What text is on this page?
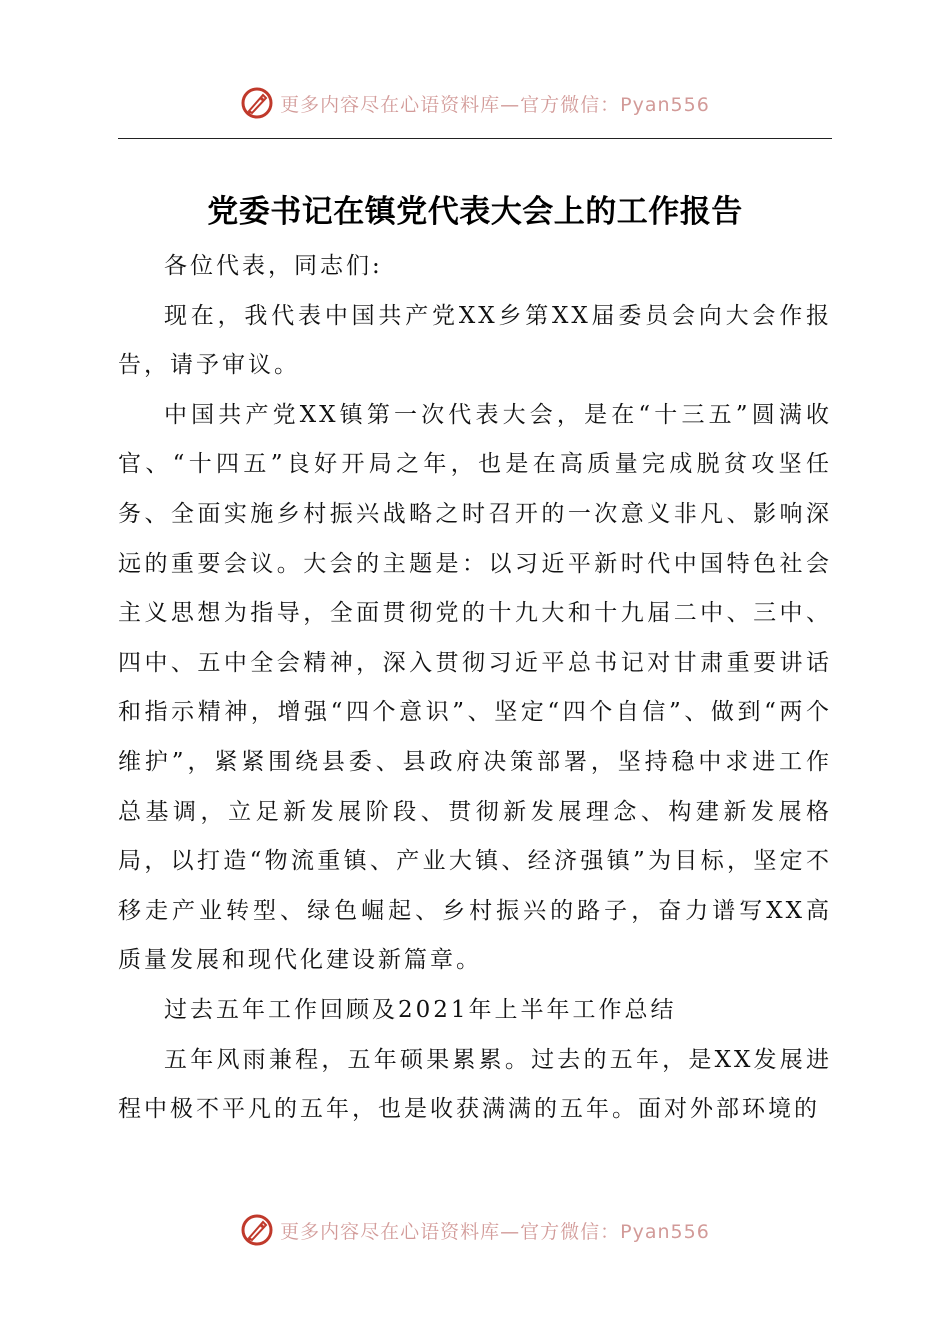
更多内容尽在心语资料库—官方微信：Pyan556
党委书记在镇党代表大会上的工作报告

各位代表，同志们:

现在，我代表中国共产党XX乡第XX届委员会向大会作报告，请予审议。

中国共产党XX镇第一次代表大会，是在“十三五”圆满收官、“十四五”良好开局之年，也是在高质量完成脱贫攻坚任务、全面实施乡村振兴战略之时召开的一次意义非凡、影响深远的重要会议。大会的主题是：以习近平新时代中国特色社会主义思想为指导，全面贯彻党的十九大和十九届二中、三中、四中、五中全会精神，深入贯彻习近平总书记对甘肃重要讲话和指示精神，增强“四个意识”、坚定“四个自信”、做到“两个维护”，紧紧围绕县委、县政府决策部署，坚持稳中求进工作总基调，立足新发展阶段、贯彻新发展理念、构建新发展格局，以打造“物流重镇、产业大镇、经济强镇”为目标，坚定不移走产业转型、绿色崛起、乡村振兴的路子，奋力谱写XX高质量发展和现代化建设新篇章。

过去五年工作回顾及2021年上半年工作总结

五年风雨兼程，五年硕果累累。过去的五年，是XX发展进程中极不平凡的五年，也是收获满满的五年。面对外部环境的

更多内容尽在心语资料库—官方微信：Pyan556
